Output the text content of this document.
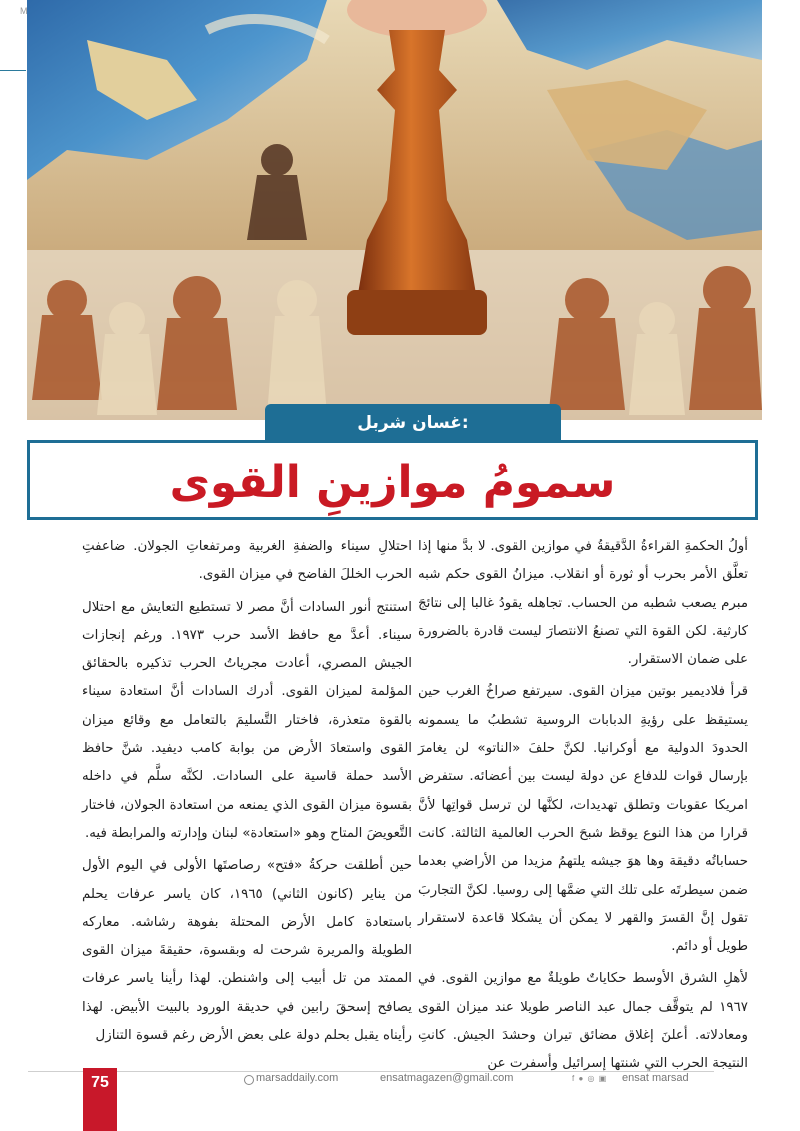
M
غسان شربل:
سمومُ موازينِ القوى

أولُ الحكمةِ القراءةُ الدَّقيقةُ في موازين القوى. لا بدَّ منها إذا تعلَّق الأمر بحرب أو ثورة أو انقلاب. ميزانُ القوى حكم شبه مبرم يصعب شطبه من الحساب. تجاهله يقودُ غالبا إلى نتائجَ كارثية. لكن القوة التي تصنعُ الانتصارَ ليست قادرة بالضرورة على ضمان الاستقرار.

قرأ فلاديمير بوتين ميزان القوى. سيرتفع صراخُ الغرب حين يستيقظ على رؤيةِ الدبابات الروسية تشطبُ ما يسمونه الحدودَ الدولية مع أوكرانيا. لكنَّ حلفَ «الناتو» لن يغامرَ بإرسال قوات للدفاع عن دولة ليست بين أعضائه. ستفرض امريكا عقوبات وتطلق تهديدات، لكنَّها لن ترسل قواتِها لأنَّ قرارا من هذا النوع يوقظ شبحَ الحرب العالمية الثالثة. كانت حساباتُه دقيقة وها هوَ جيشه يلتهمُ مزيدا من الأراضي بعدما ضمن سيطرتَه على تلك التي ضمَّها إلى روسيا. لكنَّ التجاربَ تقول إنَّ القسرَ والقهر لا يمكن أن يشكلا قاعدة لاستقرار طويل أو دائم.

لأهلِ الشرق الأوسط حكاياتٌ طويلةٌ مع موازين القوى. في ١٩٦٧ لم يتوقَّف جمال عبد الناصر طويلا عند ميزان القوى ومعادلاته. أعلنَ إغلاق مضائق تيران وحشدَ الجيش. كانتِ النتيجة الحرب التي شنتها إسرائيل وأسفرت عن

احتلالِ سيناء والضفةِ الغربية ومرتفعاتِ الجولان. ضاعفتِ الحرب الخللَ الفاضح في ميزان القوى.

استنتج أنور السادات أنَّ مصر لا تستطيع التعايش مع احتلال سيناء. أعدَّ مع حافظ الأسد حرب ١٩٧٣. ورغم إنجازات الجيش المصري، أعادت مجرياتُ الحرب تذكيره بالحقائق المؤلمة لميزان القوى. أدرك السادات أنَّ استعادة سيناء بالقوة متعذرة، فاختار التَّسليمَ بالتعامل مع وقائع ميزان القوى واستعادَ الأرض من بوابة كامب ديفيد. شنَّ حافظ الأسد حملة قاسية على السادات. لكنَّه سلَّم في داخله بقسوة ميزان القوى الذي يمنعه من استعادة الجولان، فاختار التَّعويضَ المتاح وهو «استعادة» لبنان وإدارته والمرابطة فيه.

حين أطلقت حركةُ «فتح» رصاصتَها الأولى في اليوم الأول من يناير (كانون الثاني) ١٩٦٥، كان ياسر عرفات يحلم باستعادة كامل الأرض المحتلة بفوهة رشاشه. معاركه الطويلة والمريرة شرحت له وبقسوة، حقيقةَ ميزان القوى الممتد من تل أبيب إلى واشنطن. لهذا رأينا ياسر عرفات يصافح إسحقَ رابين في حديقة الورود بالبيت الأبيض. لهذا رأيناه يقبل بحلم دولة على بعض الأرض رغم قسوة التنازل

75	marsaddaily.com	ensatmagazen@gmail.com	f ● ◎ ▣ ensat marsad
